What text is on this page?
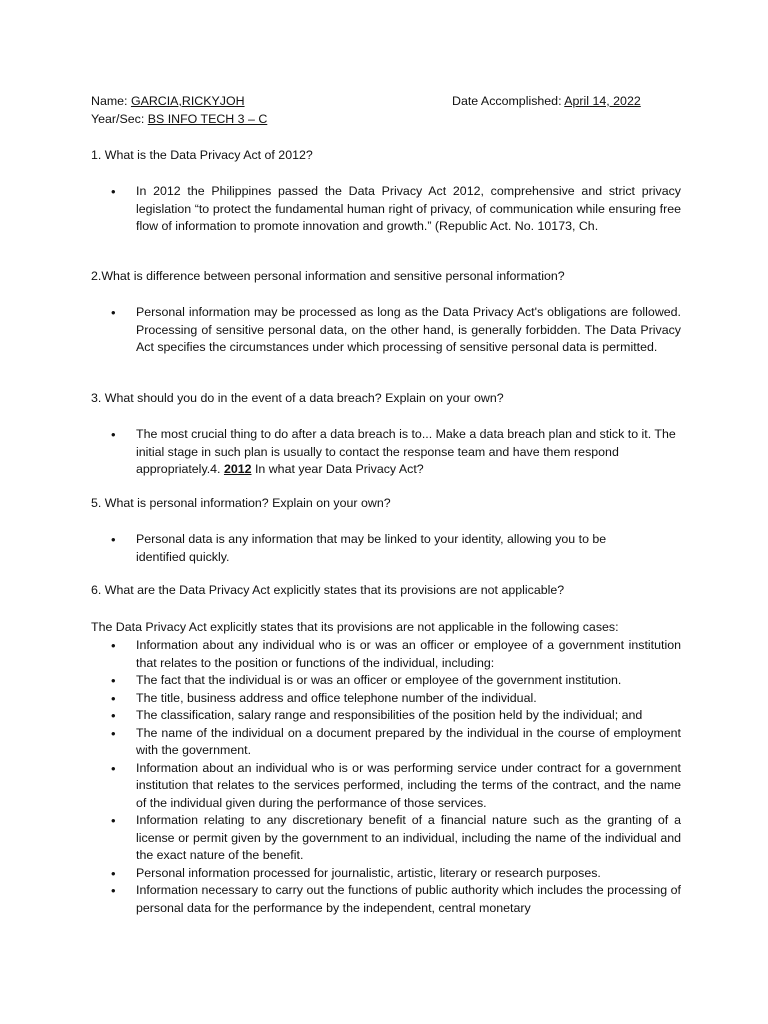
Name: GARCIA,RICKYJOH	Date Accomplished: April 14, 2022
Year/Sec: BS INFO TECH 3 – C
1. What is the Data Privacy Act of 2012?
• In 2012 the Philippines passed the Data Privacy Act 2012, comprehensive and strict privacy legislation “to protect the fundamental human right of privacy, of communication while ensuring free flow of information to promote innovation and growth.” (Republic Act. No. 10173, Ch.
2.What is difference between personal information and sensitive personal information?
• Personal information may be processed as long as the Data Privacy Act's obligations are followed. Processing of sensitive personal data, on the other hand, is generally forbidden. The Data Privacy Act specifies the circumstances under which processing of sensitive personal data is permitted.
3. What should you do in the event of a data breach? Explain on your own?
• The most crucial thing to do after a data breach is to... Make a data breach plan and stick to it. The initial stage in such plan is usually to contact the response team and have them respond appropriately.4. 2012 In what year Data Privacy Act?
5. What is personal information? Explain on your own?
• Personal data is any information that may be linked to your identity, allowing you to be identified quickly.
6. What are the Data Privacy Act explicitly states that its provisions are not applicable?
The Data Privacy Act explicitly states that its provisions are not applicable in the following cases:
• Information about any individual who is or was an officer or employee of a government institution that relates to the position or functions of the individual, including:
• The fact that the individual is or was an officer or employee of the government institution.
• The title, business address and office telephone number of the individual.
• The classification, salary range and responsibilities of the position held by the individual; and
• The name of the individual on a document prepared by the individual in the course of employment with the government.
• Information about an individual who is or was performing service under contract for a government institution that relates to the services performed, including the terms of the contract, and the name of the individual given during the performance of those services.
• Information relating to any discretionary benefit of a financial nature such as the granting of a license or permit given by the government to an individual, including the name of the individual and the exact nature of the benefit.
• Personal information processed for journalistic, artistic, literary or research purposes.
• Information necessary to carry out the functions of public authority which includes the processing of personal data for the performance by the independent, central monetary
